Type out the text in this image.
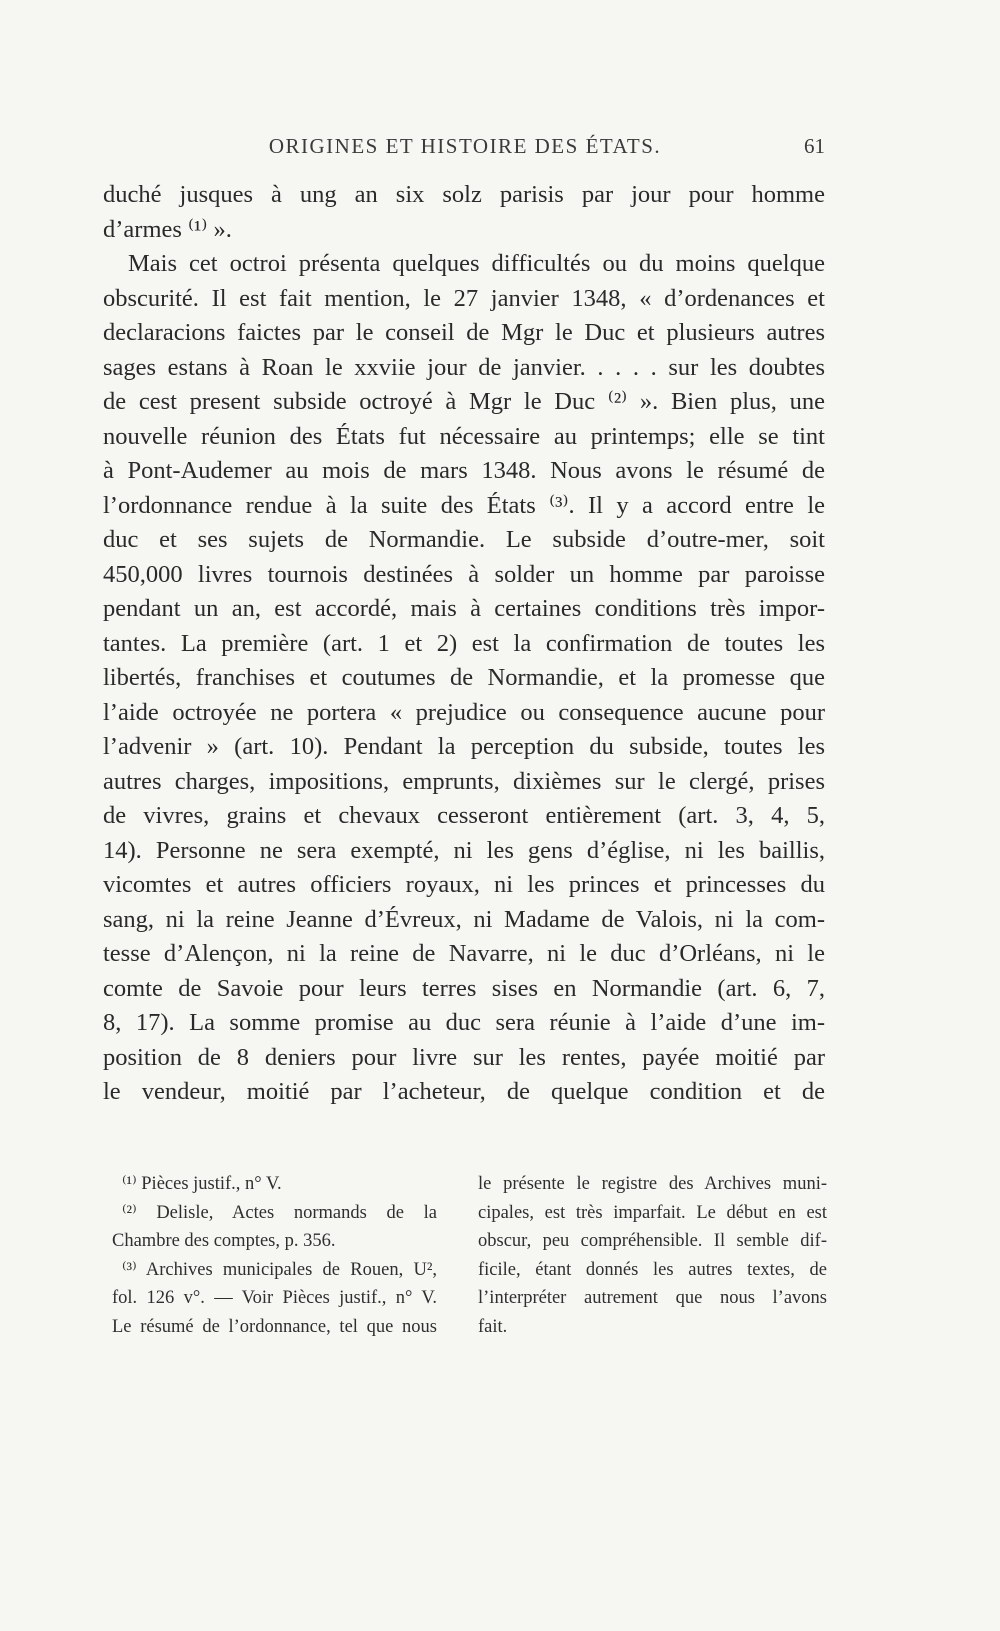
ORIGINES ET HISTOIRE DES ÉTATS.	61
duché jusques à ung an six solz parisis par jour pour homme
d’armes ⁽¹⁾ ».
Mais cet octroi présenta quelques difficultés ou du moins quelque
obscurité. Il est fait mention, le 27 janvier 1348, « d’ordenances et
declaracions faictes par le conseil de Mgr le Duc et plusieurs autres
sages estans à Roan le xxviie jour de janvier. . . . . sur les doubtes
de cest present subside octroyé à Mgr le Duc ⁽²⁾ ». Bien plus, une
nouvelle réunion des États fut nécessaire au printemps; elle se tint
à Pont-Audemer au mois de mars 1348. Nous avons le résumé de
l’ordonnance rendue à la suite des États ⁽³⁾. Il y a accord entre le
duc et ses sujets de Normandie. Le subside d’outre-mer, soit
450,000 livres tournois destinées à solder un homme par paroisse
pendant un an, est accordé, mais à certaines conditions très impor-
tantes. La première (art. 1 et 2) est la confirmation de toutes les
libertés, franchises et coutumes de Normandie, et la promesse que
l’aide octroyée ne portera « prejudice ou consequence aucune pour
l’advenir » (art. 10). Pendant la perception du subside, toutes les
autres charges, impositions, emprunts, dixièmes sur le clergé, prises
de vivres, grains et chevaux cesseront entièrement (art. 3, 4, 5,
14). Personne ne sera exempté, ni les gens d’église, ni les baillis,
vicomtes et autres officiers royaux, ni les princes et princesses du
sang, ni la reine Jeanne d’Évreux, ni Madame de Valois, ni la com-
tesse d’Alençon, ni la reine de Navarre, ni le duc d’Orléans, ni le
comte de Savoie pour leurs terres sises en Normandie (art. 6, 7,
8, 17). La somme promise au duc sera réunie à l’aide d’une im-
position de 8 deniers pour livre sur les rentes, payée moitié par
le vendeur, moitié par l’acheteur, de quelque condition et de
⁽¹⁾ Pièces justif., n° V.
⁽²⁾ Delisle, Actes normands de la
Chambre des comptes, p. 356.
⁽³⁾ Archives municipales de Rouen, U²,
fol. 126 v°. — Voir Pièces justif., n° V.
Le résumé de l’ordonnance, tel que nous
le présente le registre des Archives muni-
cipales, est très imparfait. Le début en est
obscur, peu compréhensible. Il semble dif-
ficile, étant donnés les autres textes, de
l’interpréter autrement que nous l’avons
fait.
